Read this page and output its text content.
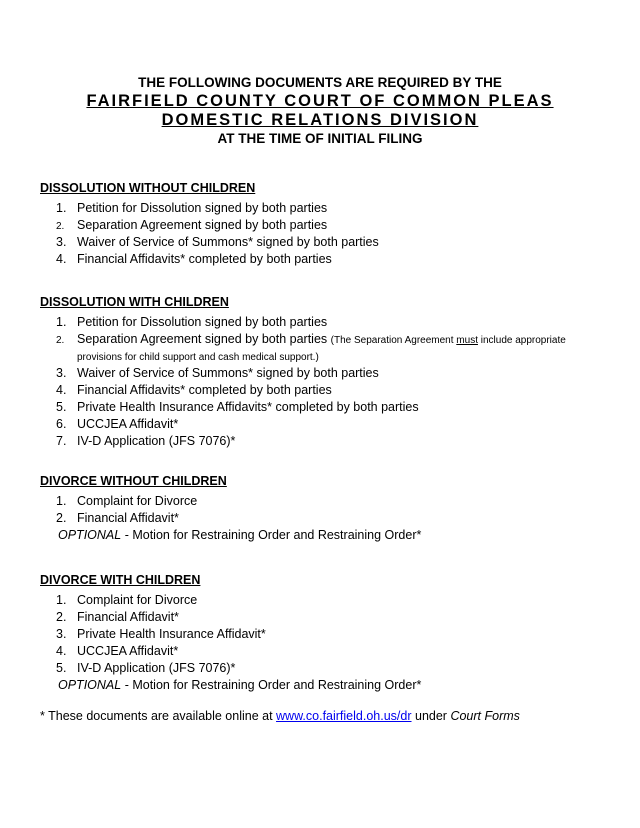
THE FOLLOWING DOCUMENTS ARE REQUIRED BY THE
FAIRFIELD COUNTY COURT OF COMMON PLEAS
DOMESTIC RELATIONS DIVISION
AT THE TIME OF INITIAL FILING
DISSOLUTION WITHOUT CHILDREN
1. Petition for Dissolution signed by both parties
2. Separation Agreement signed by both parties
3. Waiver of Service of Summons* signed by both parties
4. Financial Affidavits* completed by both parties
DISSOLUTION WITH CHILDREN
1. Petition for Dissolution signed by both parties
2. Separation Agreement signed by both parties (The Separation Agreement must include appropriate provisions for child support and cash medical support.)
3. Waiver of Service of Summons* signed by both parties
4. Financial Affidavits* completed by both parties
5. Private Health Insurance Affidavits* completed by both parties
6. UCCJEA Affidavit*
7. IV-D Application (JFS 7076)*
DIVORCE WITHOUT CHILDREN
1. Complaint for Divorce
2. Financial Affidavit*
OPTIONAL - Motion for Restraining Order and Restraining Order*
DIVORCE WITH CHILDREN
1. Complaint for Divorce
2. Financial Affidavit*
3. Private Health Insurance Affidavit*
4. UCCJEA Affidavit*
5. IV-D Application (JFS 7076)*
OPTIONAL - Motion for Restraining Order and Restraining Order*
* These documents are available online at www.co.fairfield.oh.us/dr under Court Forms
